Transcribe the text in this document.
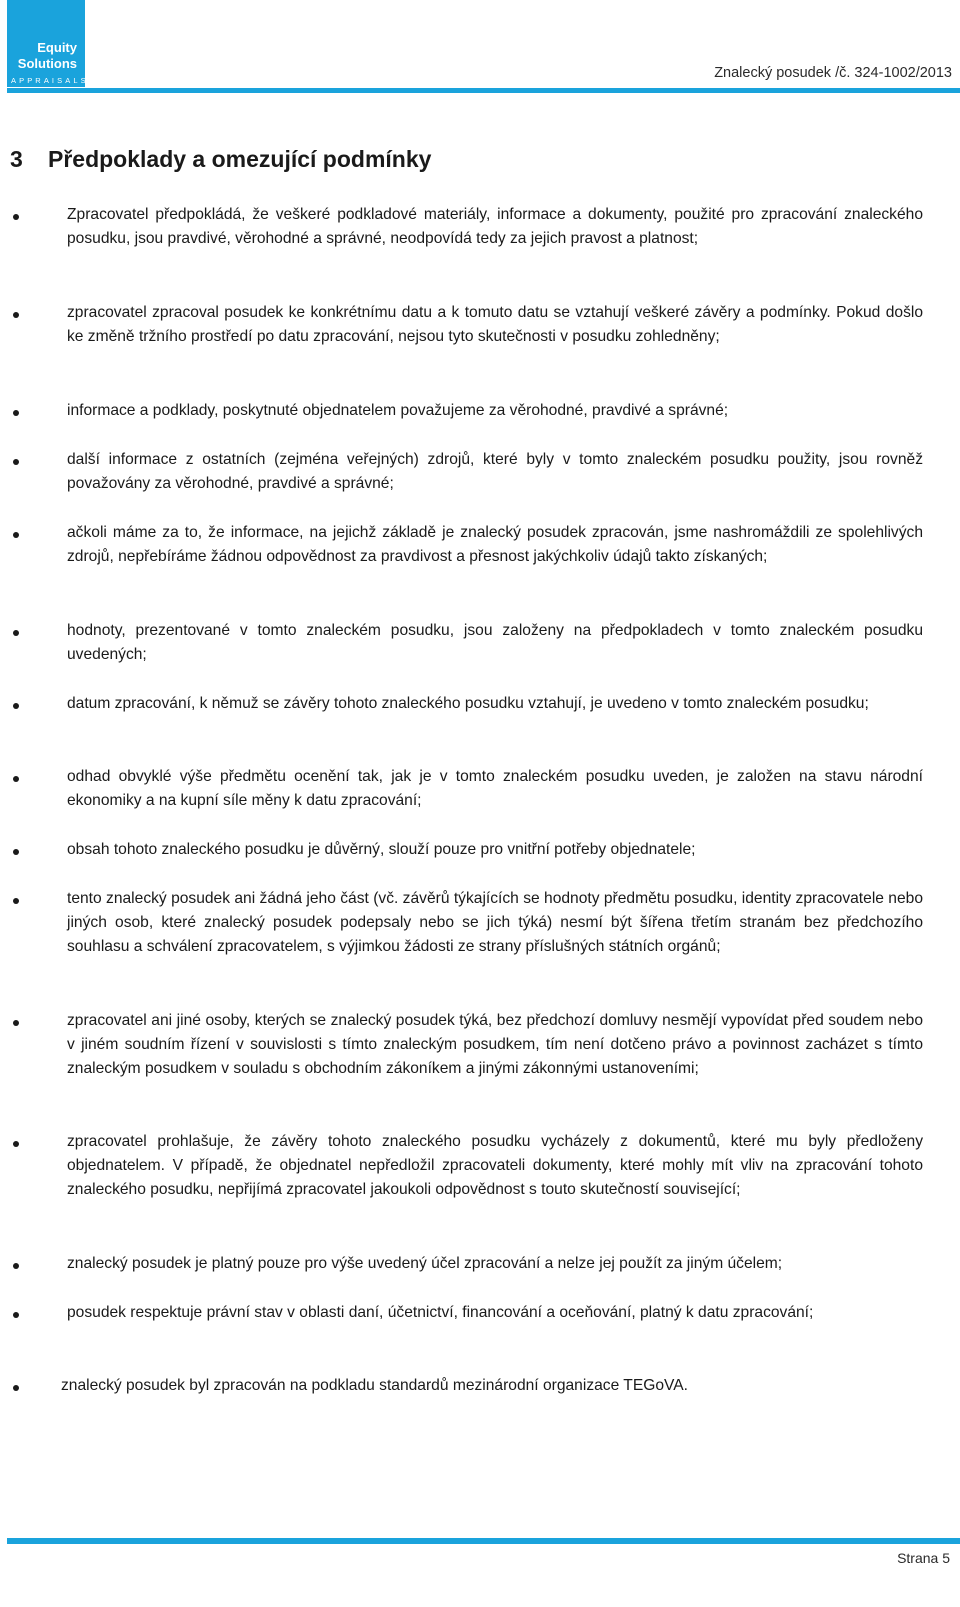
Equity
Solutions
APPRAISALS	Znalecký posudek /č. 324-1002/2013
3 Předpoklady a omezující podmínky
Zpracovatel předpokládá, že veškeré podkladové materiály, informace a dokumenty, použité pro zpracování znaleckého posudku, jsou pravdivé, věrohodné a správné, neodpovídá tedy za jejich pravost a platnost;
zpracovatel zpracoval posudek ke konkrétnímu datu a k tomuto datu se vztahují veškeré závěry a podmínky. Pokud došlo ke změně tržního prostředí po datu zpracování, nejsou tyto skutečnosti v posudku zohledněny;
informace a podklady, poskytnuté objednatelem považujeme za věrohodné, pravdivé a správné;
další informace z ostatních (zejména veřejných) zdrojů, které byly v tomto znaleckém posudku použity, jsou rovněž považovány za věrohodné, pravdivé a správné;
ačkoli máme za to, že informace, na jejichž základě je znalecký posudek zpracován, jsme nashromáždili ze spolehlivých zdrojů, nepřebíráme žádnou odpovědnost za pravdivost a přesnost jakýchkoliv údajů takto získaných;
hodnoty, prezentované v tomto znaleckém posudku, jsou založeny na předpokladech v tomto znaleckém posudku uvedených;
datum zpracování, k němuž se závěry tohoto znaleckého posudku vztahují, je uvedeno v tomto znaleckém posudku;
odhad obvyklé výše předmětu ocenění tak, jak je v tomto znaleckém posudku uveden, je založen na stavu národní ekonomiky a na kupní síle měny k datu zpracování;
obsah tohoto znaleckého posudku je důvěrný, slouží pouze pro vnitřní potřeby objednatele;
tento znalecký posudek ani žádná jeho část (vč. závěrů týkajících se hodnoty předmětu posudku, identity zpracovatele nebo jiných osob, které znalecký posudek podepsaly nebo se jich týká) nesmí být šířena třetím stranám bez předchozího souhlasu a schválení zpracovatelem, s výjimkou žádosti ze strany příslušných státních orgánů;
zpracovatel ani jiné osoby, kterých se znalecký posudek týká, bez předchozí domluvy nesmějí vypovídat před soudem nebo v jiném soudním řízení v souvislosti s tímto znaleckým posudkem, tím není dotčeno právo a povinnost zacházet s tímto znaleckým posudkem v souladu s obchodním zákoníkem a jinými zákonnými ustanoveními;
zpracovatel prohlašuje, že závěry tohoto znaleckého posudku vycházely z dokumentů, které mu byly předloženy objednatelem. V případě, že objednatel nepředložil zpracovateli dokumenty, které mohly mít vliv na zpracování tohoto znaleckého posudku, nepřijímá zpracovatel jakoukoli odpovědnost s touto skutečností související;
znalecký posudek je platný pouze pro výše uvedený účel zpracování a nelze jej použít za jiným účelem;
posudek respektuje právní stav v oblasti daní, účetnictví, financování a oceňování, platný k datu zpracování;
znalecký posudek byl zpracován na podkladu standardů mezinárodní organizace TEGoVA.
Strana 5
